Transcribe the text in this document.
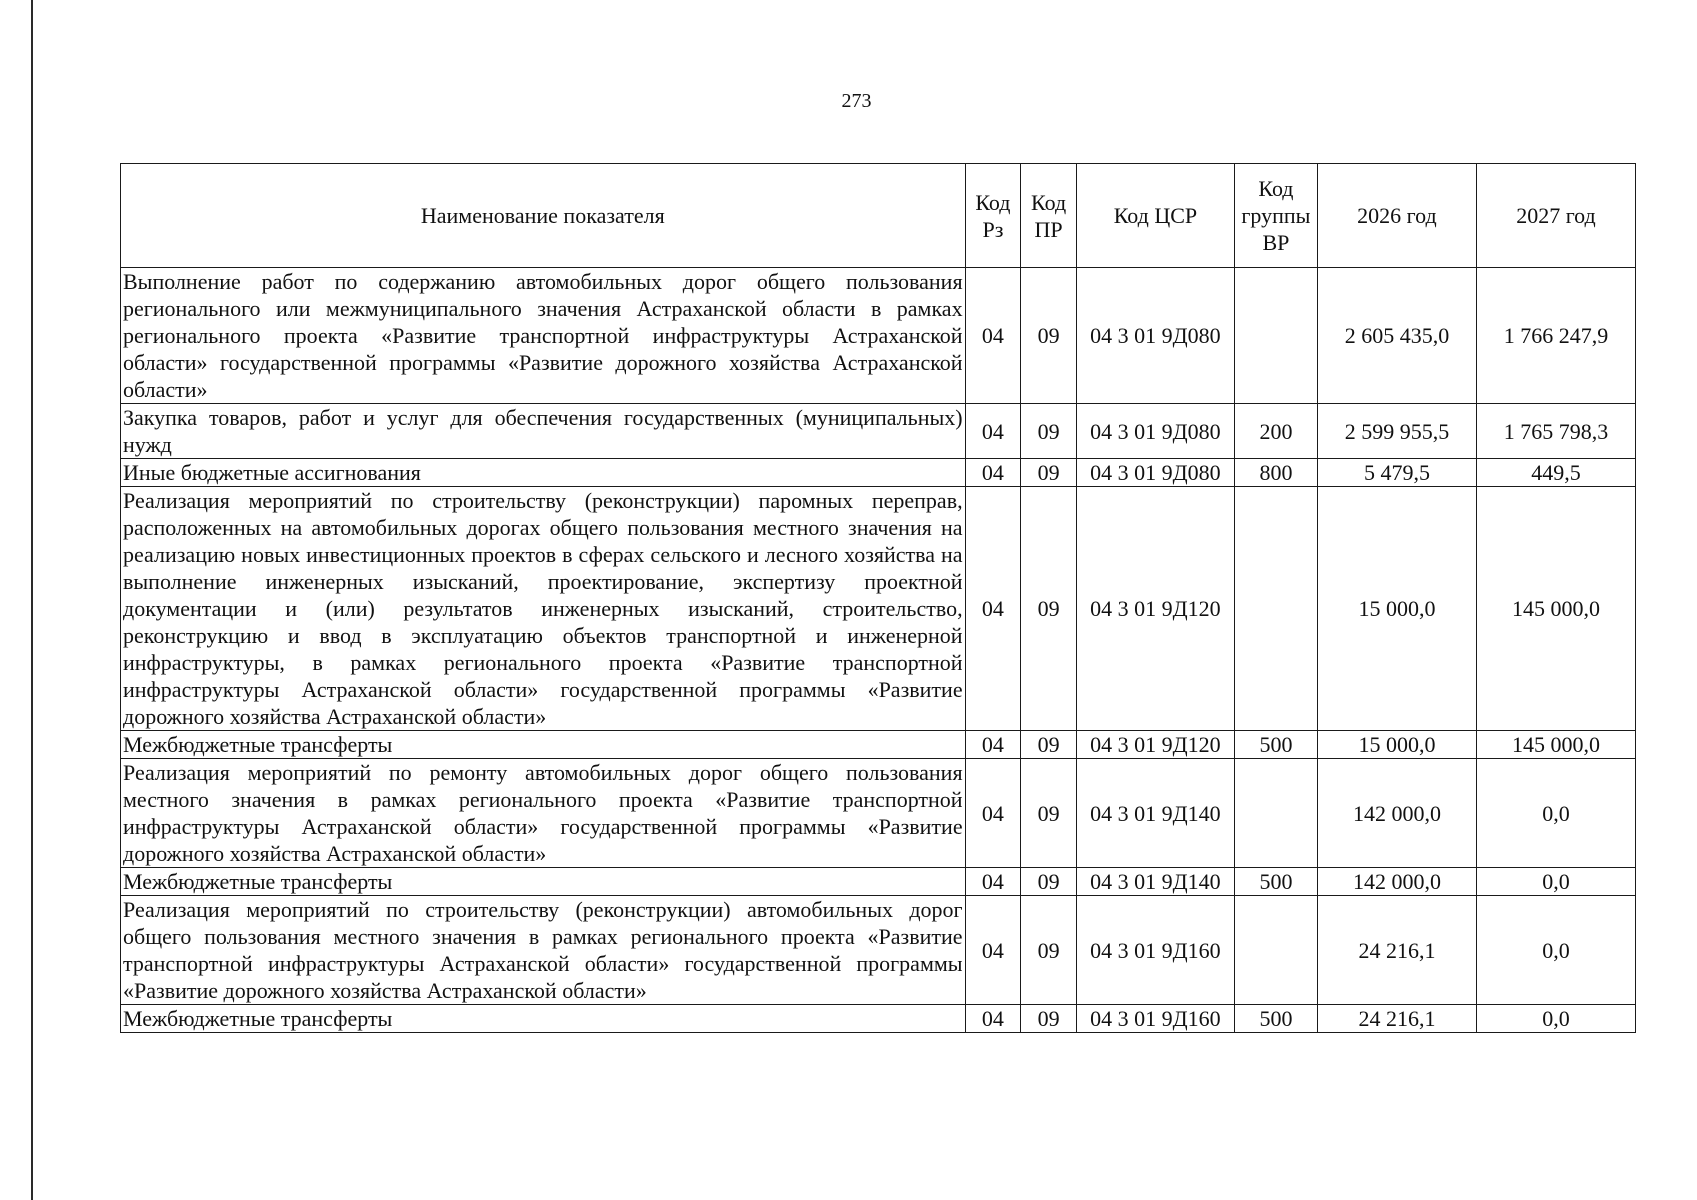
273
Наименование показателя	Код Рз	Код ПР	Код ЦСР	Код группы ВР	2026 год	2027 год
Выполнение работ по содержанию автомобильных дорог общего пользования регионального или межмуниципального значения Астраханской области в рамках регионального проекта «Развитие транспортной инфраструктуры Астраханской области» государственной программы «Развитие дорожного хозяйства Астраханской области»	04	09	04 3 01 9Д080		2 605 435,0	1 766 247,9
Закупка товаров, работ и услуг для обеспечения государственных (муниципальных) нужд	04	09	04 3 01 9Д080	200	2 599 955,5	1 765 798,3
Иные бюджетные ассигнования	04	09	04 3 01 9Д080	800	5 479,5	449,5
Реализация мероприятий по строительству (реконструкции) паромных переправ, расположенных на автомобильных дорогах общего пользования местного значения на реализацию новых инвестиционных проектов в сферах сельского и лесного хозяйства на выполнение инженерных изысканий, проектирование, экспертизу проектной документации и (или) результатов инженерных изысканий, строительство, реконструкцию и ввод в эксплуатацию объектов транспортной и инженерной инфраструктуры, в рамках регионального проекта «Развитие транспортной инфраструктуры Астраханской области» государственной программы «Развитие дорожного хозяйства Астраханской области»	04	09	04 3 01 9Д120		15 000,0	145 000,0
Межбюджетные трансферты	04	09	04 3 01 9Д120	500	15 000,0	145 000,0
Реализация мероприятий по ремонту автомобильных дорог общего пользования местного значения в рамках регионального проекта «Развитие транспортной инфраструктуры Астраханской области» государственной программы «Развитие дорожного хозяйства Астраханской области»	04	09	04 3 01 9Д140		142 000,0	0,0
Межбюджетные трансферты	04	09	04 3 01 9Д140	500	142 000,0	0,0
Реализация мероприятий по строительству (реконструкции) автомобильных дорог общего пользования местного значения в рамках регионального проекта «Развитие транспортной инфраструктуры Астраханской области» государственной программы «Развитие дорожного хозяйства Астраханской области»	04	09	04 3 01 9Д160		24 216,1	0,0
Межбюджетные трансферты	04	09	04 3 01 9Д160	500	24 216,1	0,0
